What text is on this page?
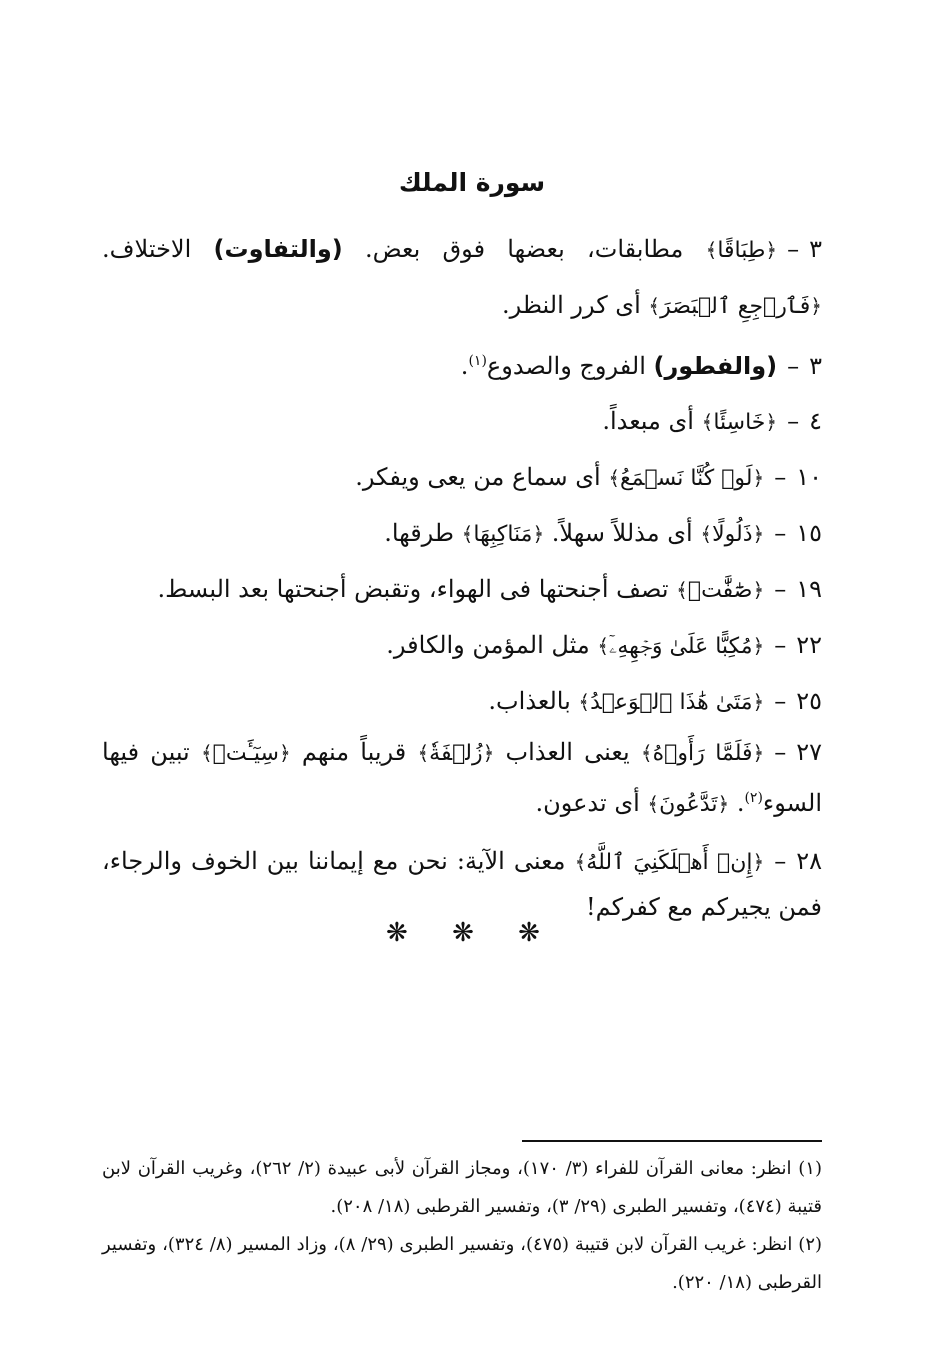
سورة الملك

٣–﴿طِبَاقًا﴾ مطابقات، بعضها فوق بعض. (والتفاوت) الاختلاف. ﴿فَٱرۡجِعِ ٱلۡبَصَرَ﴾ أى كرر النظر.

٣–(والفطور) الفروج والصدوع$^{(١)}$.

٤–﴿خَاسِئًا﴾ أى مبعداً.

١٠–﴿لَوۡ كُنَّا نَسۡمَعُ﴾ أى سماع من يعى ويفكر.

١٥–﴿ذَلُولًا﴾ أى مذللاً سهلاً. ﴿مَنَاكِبِهَا﴾ طرقها.

١٩–﴿صَٰٓفَّٰتٖ﴾ تصف أجنحتها فى الهواء، وتقبض أجنحتها بعد البسط.

٢٢–﴿مُكِبًّا عَلَىٰ وَجۡهِهِۦٓ﴾ مثل المؤمن والكافر.

٢٥–﴿مَتَىٰ هَٰذَا ٱلۡوَعۡدُ﴾ بالعذاب.

٢٧–﴿فَلَمَّا رَأَوۡهُ﴾ يعنى العذاب ﴿زُلۡفَةٗ﴾ قريباً منهم ﴿سِيٓـَٔتۡ﴾ تبين فيها السوء$^{(٢)}$. ﴿تَدَّعُونَ﴾ أى تدعون.

٢٨–﴿إِنۡ أَهۡلَكَنِيَ ٱللَّهُ﴾ معنى الآية: نحن مع إيماننا بين الخوف والرجاء، فمن يجيركم مع كفركم!

❋ ❋ ❋

(١) انظر: معانى القرآن للفراء (٣/ ١٧٠)، ومجاز القرآن لأبى عبيدة (٢/ ٢٦٢)، وغريب القرآن لابن قتيبة (٤٧٤)، وتفسير الطبرى (٢٩/ ٣)، وتفسير القرطبى (١٨/ ٢٠٨).

(٢) انظر: غريب القرآن لابن قتيبة (٤٧٥)، وتفسير الطبرى (٢٩/ ٨)، وزاد المسير (٨/ ٣٢٤)، وتفسير القرطبى (١٨/ ٢٢٠).
